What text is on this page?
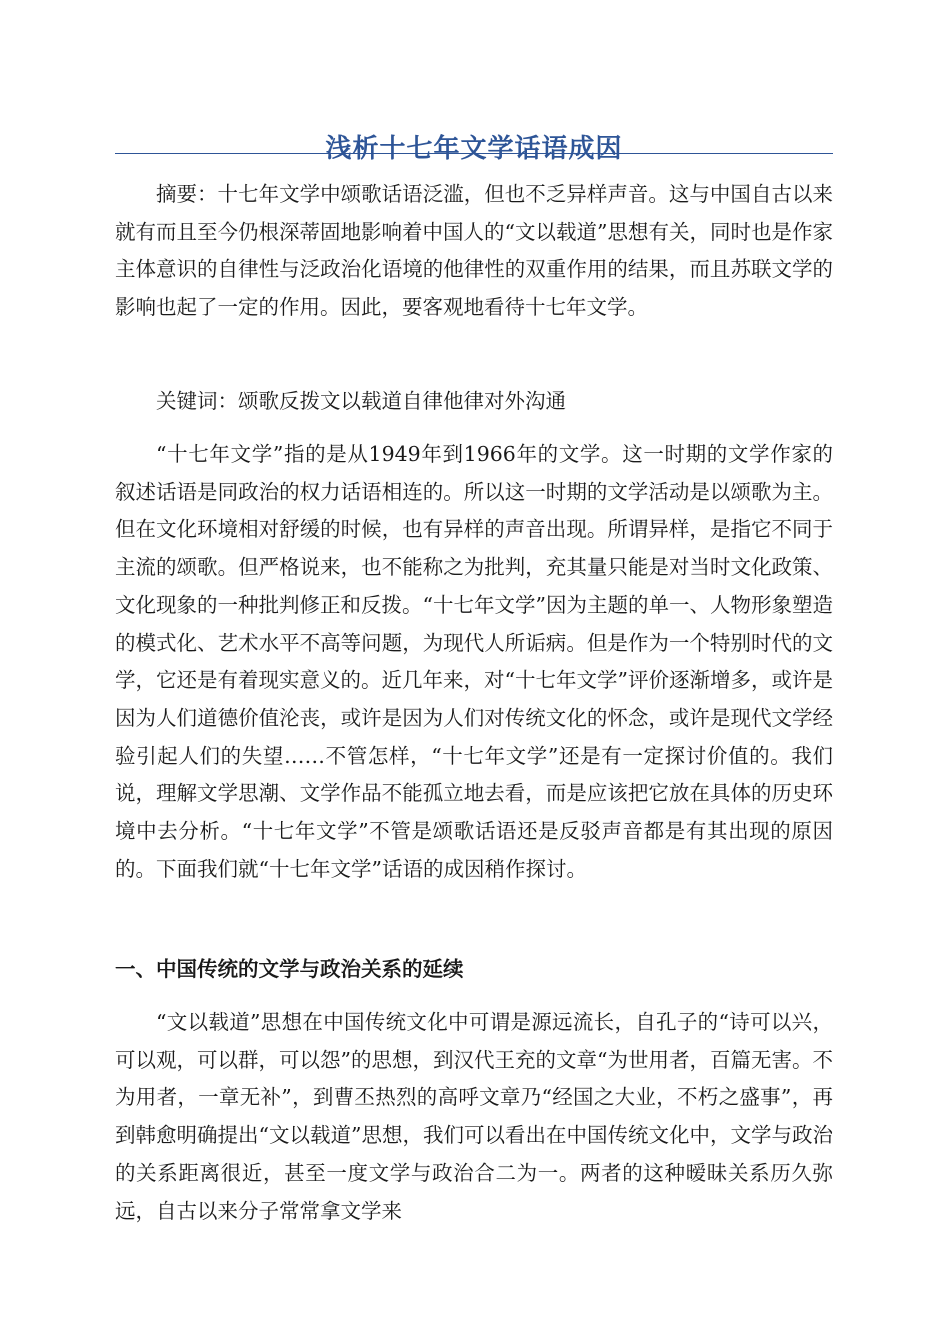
浅析十七年文学话语成因

摘要：十七年文学中颂歌话语泛滥，但也不乏异样声音。这与中国自古以来就有而且至今仍根深蒂固地影响着中国人的“文以载道”思想有关，同时也是作家主体意识的自律性与泛政治化语境的他律性的双重作用的结果，而且苏联文学的影响也起了一定的作用。因此，要客观地看待十七年文学。

关键词：颂歌反拨文以载道自律他律对外沟通

“十七年文学”指的是从1949年到1966年的文学。这一时期的文学作家的叙述话语是同政治的权力话语相连的。所以这一时期的文学活动是以颂歌为主。但在文化环境相对舒缓的时候，也有异样的声音出现。所谓异样，是指它不同于主流的颂歌。但严格说来，也不能称之为批判，充其量只能是对当时文化政策、文化现象的一种批判修正和反拨。“十七年文学”因为主题的单一、人物形象塑造的模式化、艺术水平不高等问题，为现代人所诟病。但是作为一个特别时代的文学，它还是有着现实意义的。近几年来，对“十七年文学”评价逐渐增多，或许是因为人们道德价值沦丧，或许是因为人们对传统文化的怀念，或许是现代文学经验引起人们的失望……不管怎样，“十七年文学”还是有一定探讨价值的。我们说，理解文学思潮、文学作品不能孤立地去看，而是应该把它放在具体的历史环境中去分析。“十七年文学”不管是颂歌话语还是反驳声音都是有其出现的原因的。下面我们就“十七年文学”话语的成因稍作探讨。

一、中国传统的文学与政治关系的延续

“文以载道”思想在中国传统文化中可谓是源远流长，自孔子的“诗可以兴，可以观，可以群，可以怨”的思想，到汉代王充的文章“为世用者，百篇无害。不为用者，一章无补”，到曹丕热烈的高呼文章乃“经国之大业，不朽之盛事”，再到韩愈明确提出“文以载道”思想，我们可以看出在中国传统文化中，文学与政治的关系距离很近，甚至一度文学与政治合二为一。两者的这种暧昧关系历久弥远，自古以来分子常常拿文学来
